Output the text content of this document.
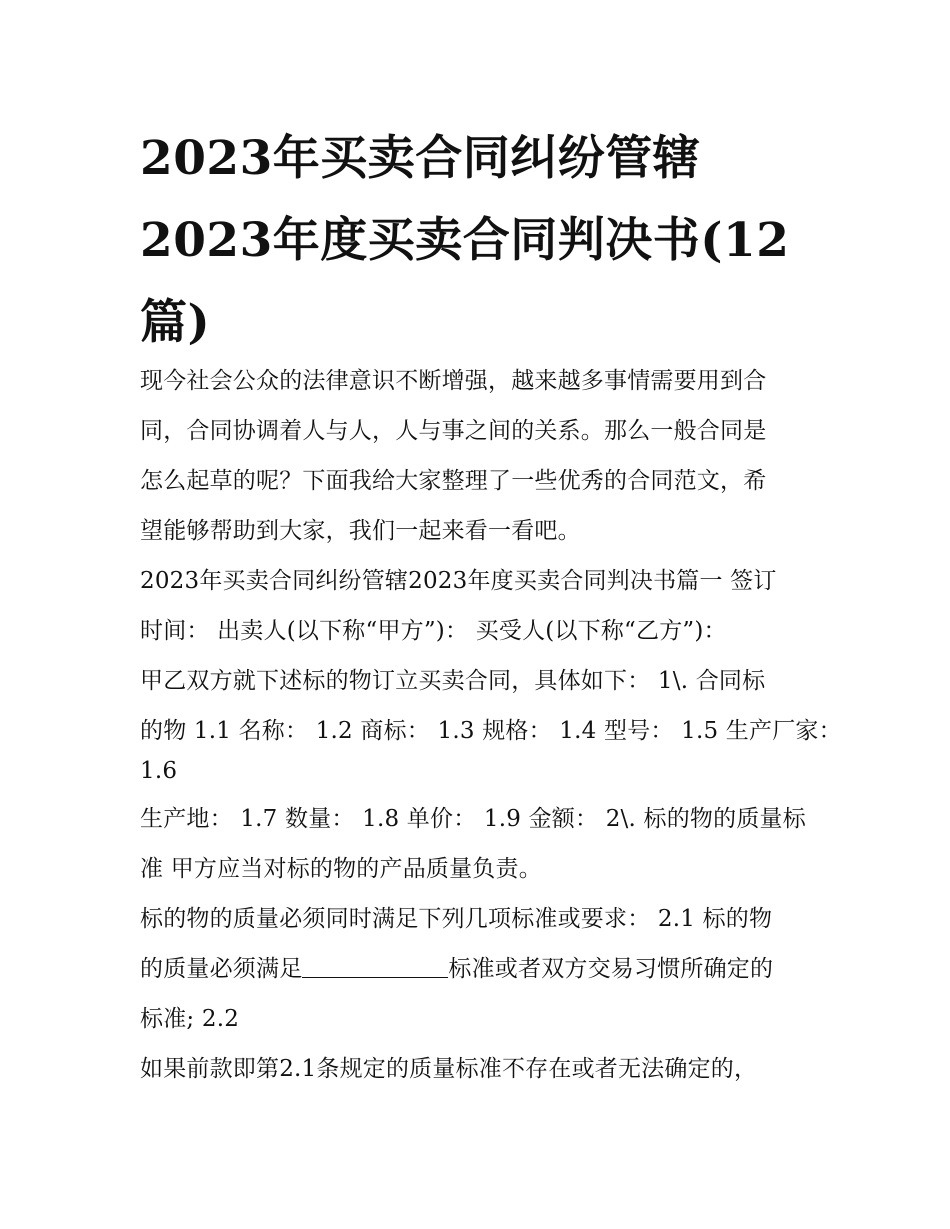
2023年买卖合同纠纷管辖
2023年度买卖合同判决书(12
篇)
现今社会公众的法律意识不断增强，越来越多事情需要用到合
同，合同协调着人与人，人与事之间的关系。那么一般合同是
怎么起草的呢？下面我给大家整理了一些优秀的合同范文，希
望能够帮助到大家，我们一起来看一看吧。
2023年买卖合同纠纷管辖2023年度买卖合同判决书篇一 签订
时间： 出卖人(以下称“甲方”)： 买受人(以下称“乙方”)：
甲乙双方就下述标的物订立买卖合同，具体如下： 1\. 合同标
的物 1.1 名称： 1.2 商标： 1.3 规格： 1.4 型号： 1.5 生产厂家：
1.6
生产地： 1.7 数量： 1.8 单价： 1.9 金额： 2\. 标的物的质量标
准 甲方应当对标的物的产品质量负责。
标的物的质量必须同时满足下列几项标准或要求： 2.1 标的物
的质量必须满足	标准或者双方交易习惯所确定的
标准; 2.2
如果前款即第2.1条规定的质量标准不存在或者无法确定的，
